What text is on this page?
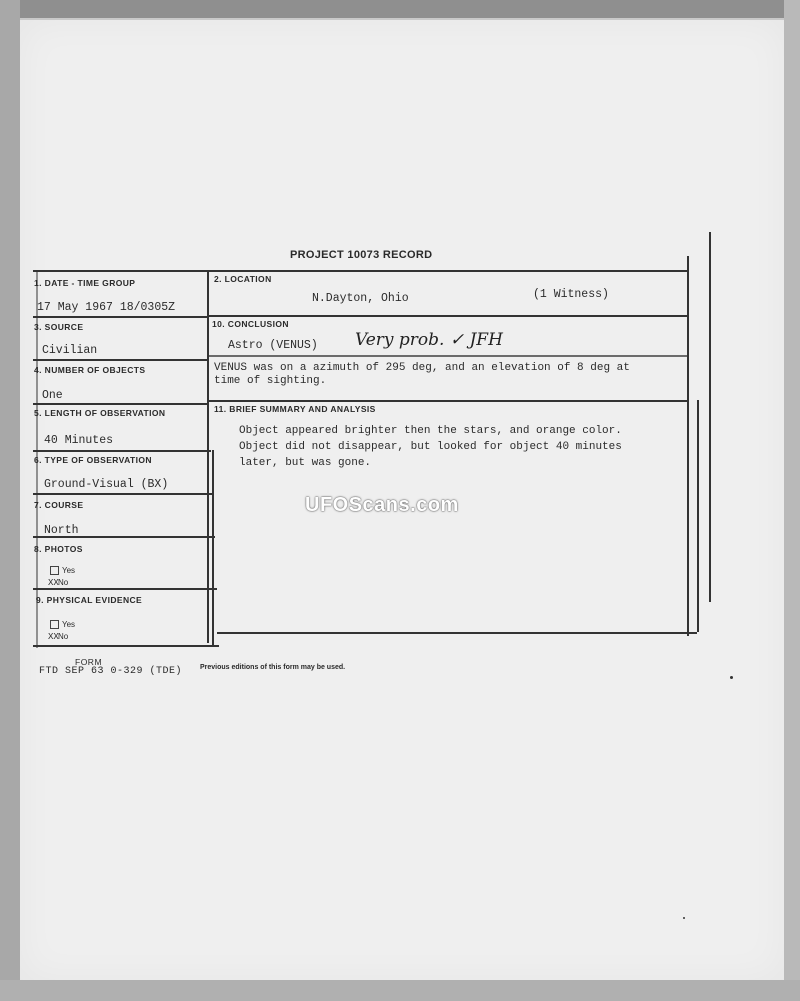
PROJECT 10073 RECORD
1. DATE - TIME GROUP
17 May 1967 18/0305Z
3. SOURCE
Civilian
4. NUMBER OF OBJECTS
One
5. LENGTH OF OBSERVATION
40 Minutes
6. TYPE OF OBSERVATION
Ground-Visual (BX)
7. COURSE
North
8. PHOTOS
Yes
XXNo
9. PHYSICAL EVIDENCE
Yes
XXNo
2. LOCATION
N.Dayton, Ohio	(1 Witness)
10. CONCLUSION
Astro (VENUS) Very prob. ✓ JFH
VENUS was on a azimuth of 295 deg, and an elevation of 8 deg at
time of sighting.
11. BRIEF SUMMARY AND ANALYSIS
Object appeared brighter then the stars, and orange color.
Object did not disappear, but looked for object 40 minutes
later, but was gone.
UFOScans.com
FORM
FTD SEP 63 0-329 (TDE)	Previous editions of this form may be used.
